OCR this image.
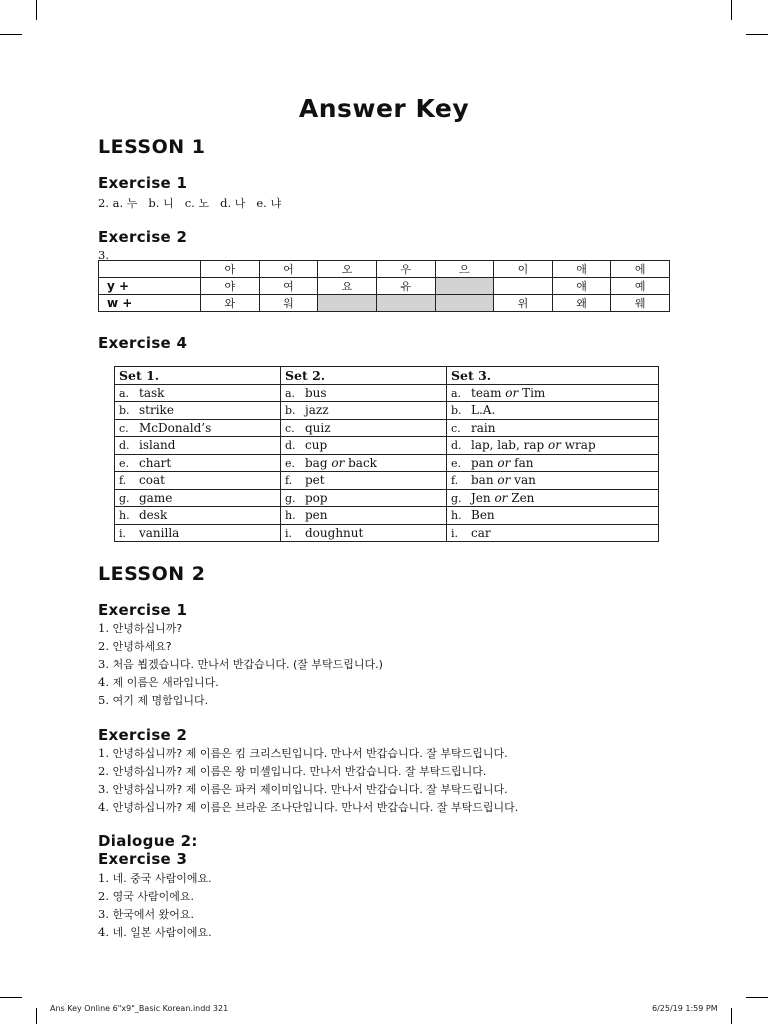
Answer Key
LESSON 1
Exercise 1
2. a. 누 b. 니 c. 노 d. 나 e. 냐
Exercise 2
3.
	아	어	오	우	으	이	애	에
y +	야	여	요	유			얘	예
w +	와	워				위	왜	웨
Exercise 4
Set 1.	Set 2.	Set 3.
a. task	a. bus	a. team or Tim
b. strike	b. jazz	b. L.A.
c. McDonald’s	c. quiz	c. rain
d. island	d. cup	d. lap, lab, rap or wrap
e. chart	e. bag or back	e. pan or fan
f. coat	f. pet	f. ban or van
g. game	g. pop	g. Jen or Zen
h. desk	h. pen	h. Ben
i. vanilla	i. doughnut	i. car
LESSON 2
Exercise 1
1. 안녕하십니까?
2. 안녕하세요?
3. 처음 뵙겠습니다. 만나서 반갑습니다. (잘 부탁드립니다.)
4. 제 이름은 새라입니다.
5. 여기 제 명함입니다.
Exercise 2
1. 안녕하십니까? 제 이름은 킴 크리스틴입니다. 만나서 반갑습니다. 잘 부탁드립니다.
2. 안녕하십니까? 제 이름은 왕 미셸입니다. 만나서 반갑습니다. 잘 부탁드립니다.
3. 안녕하십니까? 제 이름은 파커 제이미입니다. 만나서 반갑습니다. 잘 부탁드립니다.
4. 안녕하십니까? 제 이름은 브라운 조나단입니다. 만나서 반갑습니다. 잘 부탁드립니다.
Dialogue 2:
Exercise 3
1. 네. 중국 사람이에요.
2. 영국 사람이에요.
3. 한국에서 왔어요.
4. 네. 일본 사람이에요.
Ans Key Online 6"x9"_Basic Korean.indd 321	6/25/19 1:59 PM
